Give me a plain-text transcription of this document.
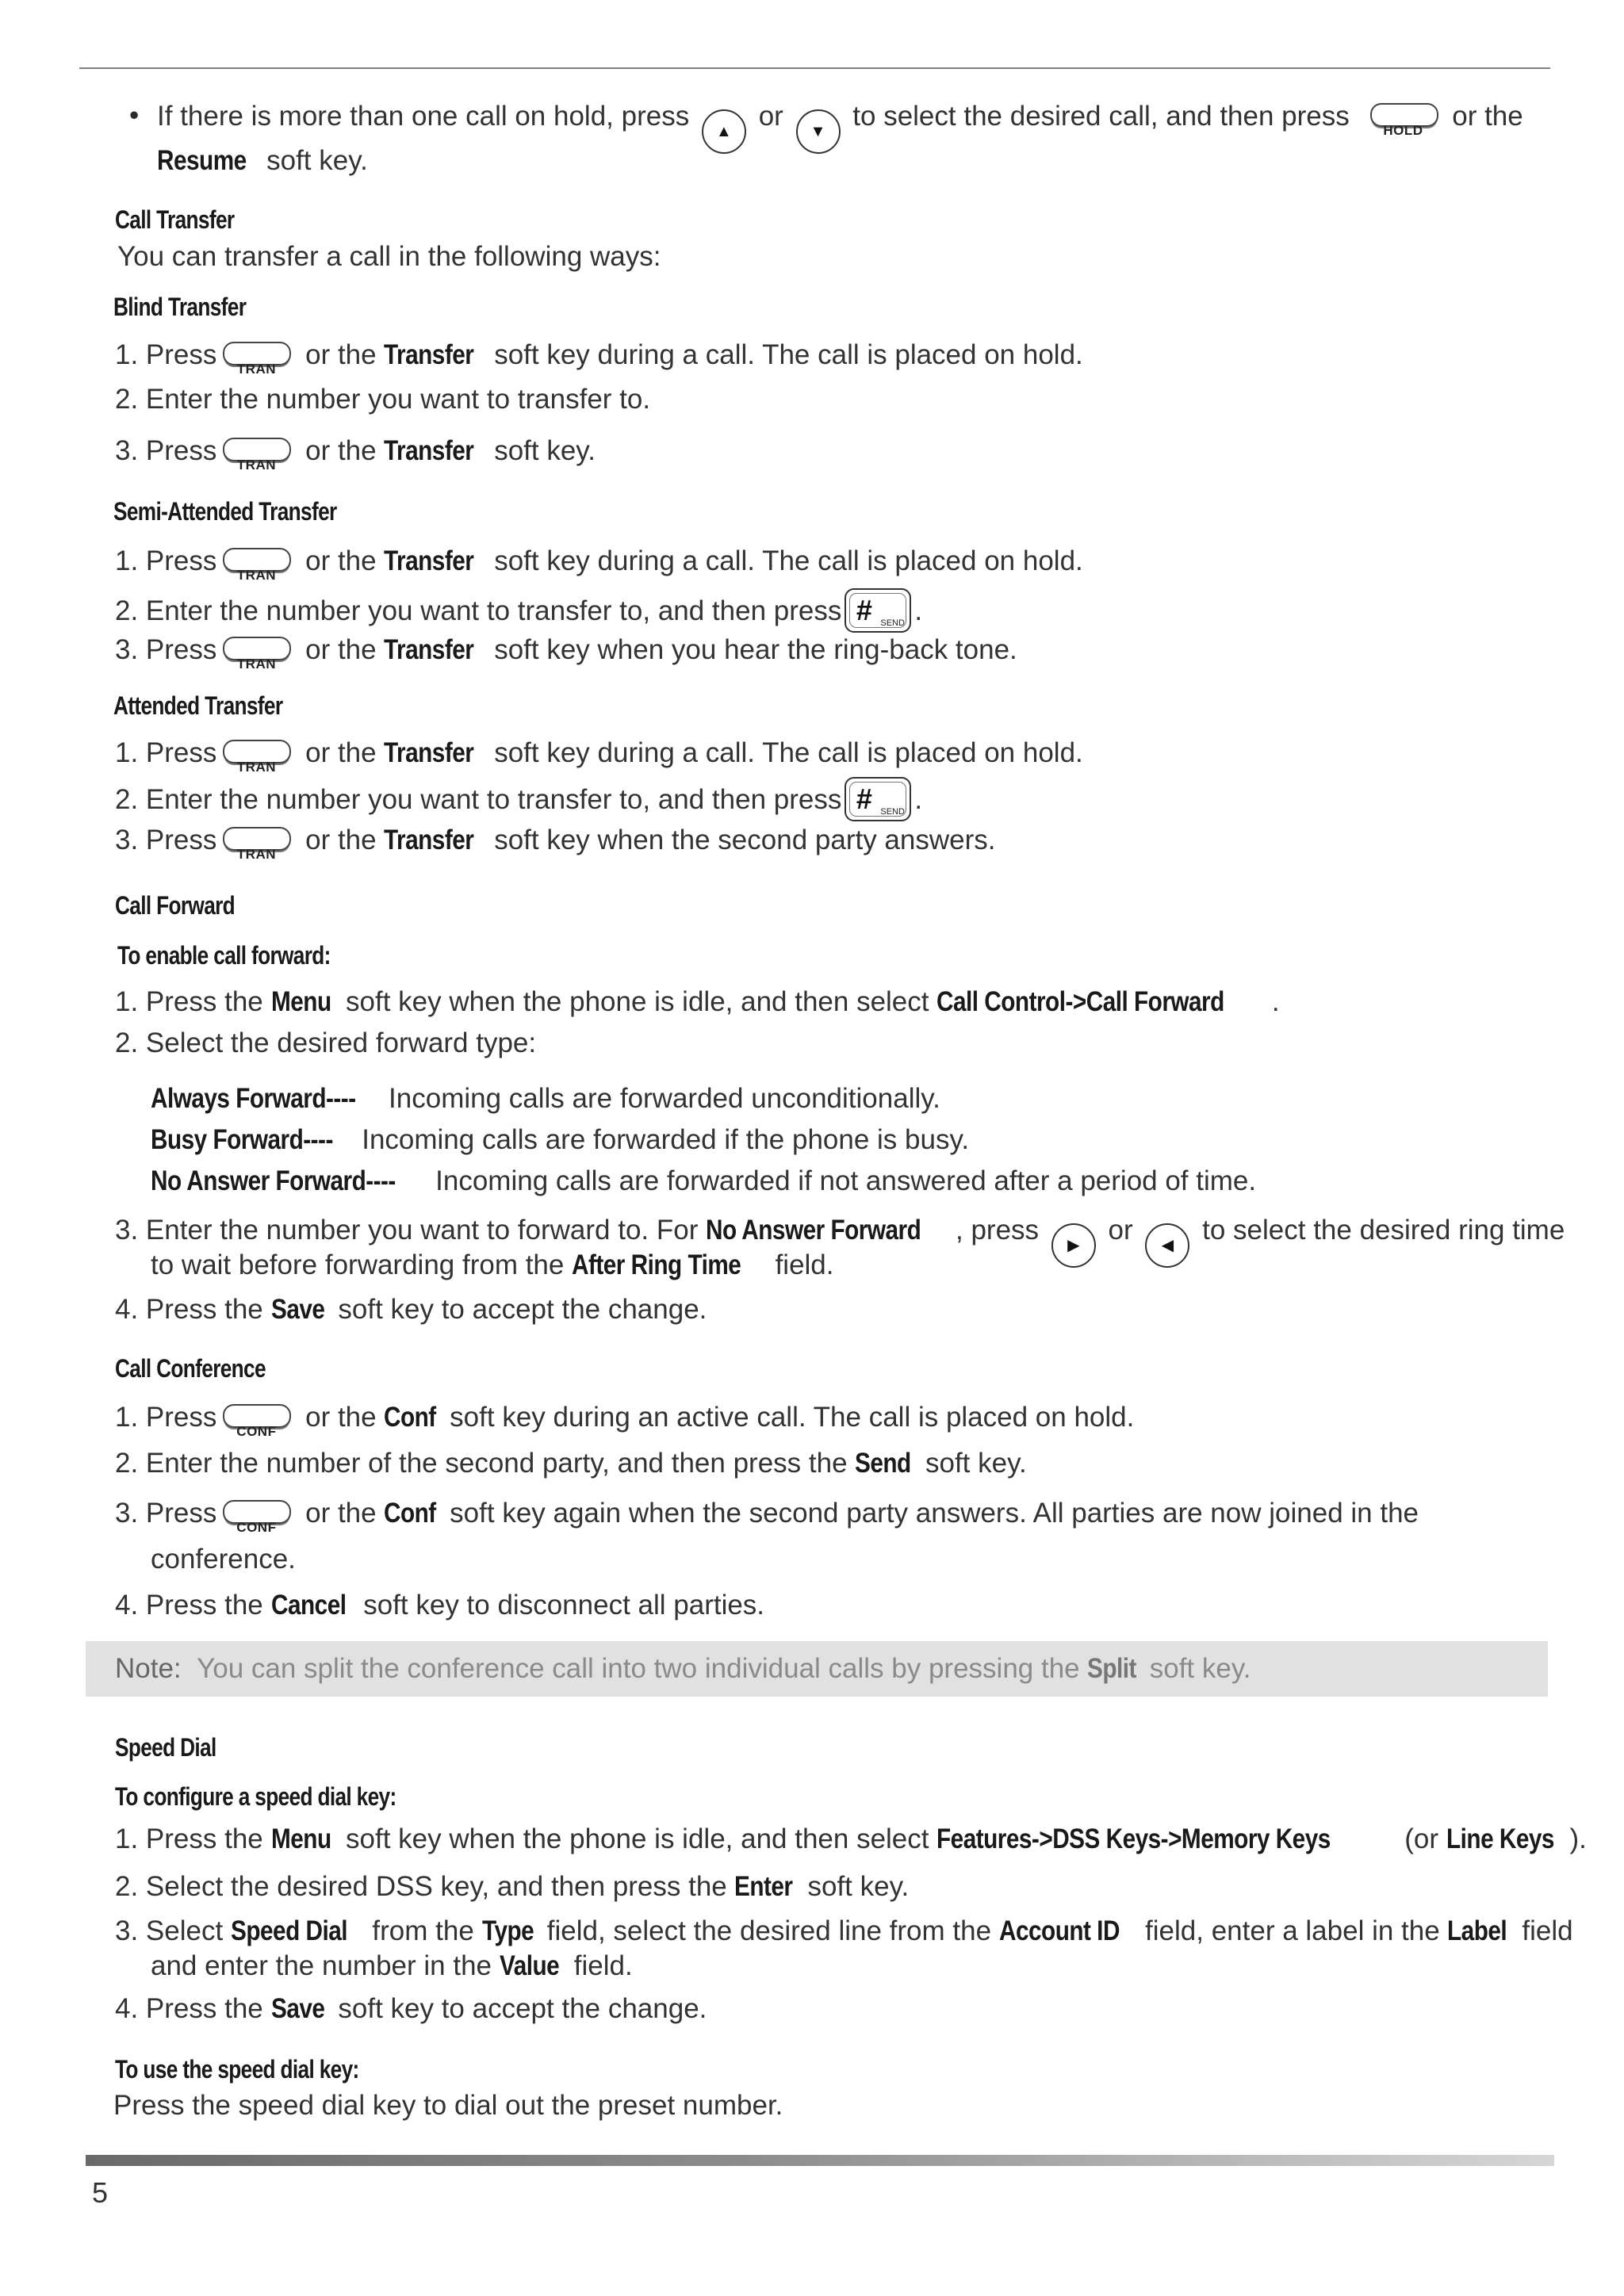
• If there is more than one call on hold, press ▲ or ▼ to select the desired call, and then press	HOLD	or the
Resume soft key.
Call Transfer
You can transfer a call in the following ways:
Blind Transfer
1. Press	TRAN or the Transfer soft key during a call. The call is placed on hold.
2. Enter the number you want to transfer to.
3. Press	TRAN or the Transfer soft key.
Semi-Attended Transfer
1. Press	TRAN or the Transfer soft key during a call. The call is placed on hold.
2. Enter the number you want to transfer to, and then press # SEND .
3. Press	TRAN or the Transfer soft key when you hear the ring-back tone.
Attended Transfer
1. Press	TRAN or the Transfer soft key during a call. The call is placed on hold.
2. Enter the number you want to transfer to, and then press # SEND .
3. Press	TRAN or the Transfer soft key when the second party answers.
Call Forward
To enable call forward:
1. Press the Menu soft key when the phone is idle, and then select Call Control->Call Forward .
2. Select the desired forward type:
Always Forward---- Incoming calls are forwarded unconditionally.
Busy Forward---- Incoming calls are forwarded if the phone is busy.
No Answer Forward---- Incoming calls are forwarded if not answered after a period of time.
3. Enter the number you want to forward to. For No Answer Forward , press ▶ or ◀ to select the desired ring time
to wait before forwarding from the After Ring Time field.
4. Press the Save soft key to accept the change.
Call Conference
1. Press	CONF or the Conf soft key during an active call. The call is placed on hold.
2. Enter the number of the second party, and then press the Send soft key.
3. Press	CONF or the Conf soft key again when the second party answers. All parties are now joined in the
conference.
4. Press the Cancel soft key to disconnect all parties.
Note: You can split the conference call into two individual calls by pressing the Split soft key.
Speed Dial
To configure a speed dial key:
1. Press the Menu soft key when the phone is idle, and then select Features->DSS Keys->Memory Keys (or Line Keys ).
2. Select the desired DSS key, and then press the Enter soft key.
3. Select Speed Dial from the Type field, select the desired line from the Account ID field, enter a label in the Label field
and enter the number in the Value field.
4. Press the Save soft key to accept the change.
To use the speed dial key:
Press the speed dial key to dial out the preset number.
5
